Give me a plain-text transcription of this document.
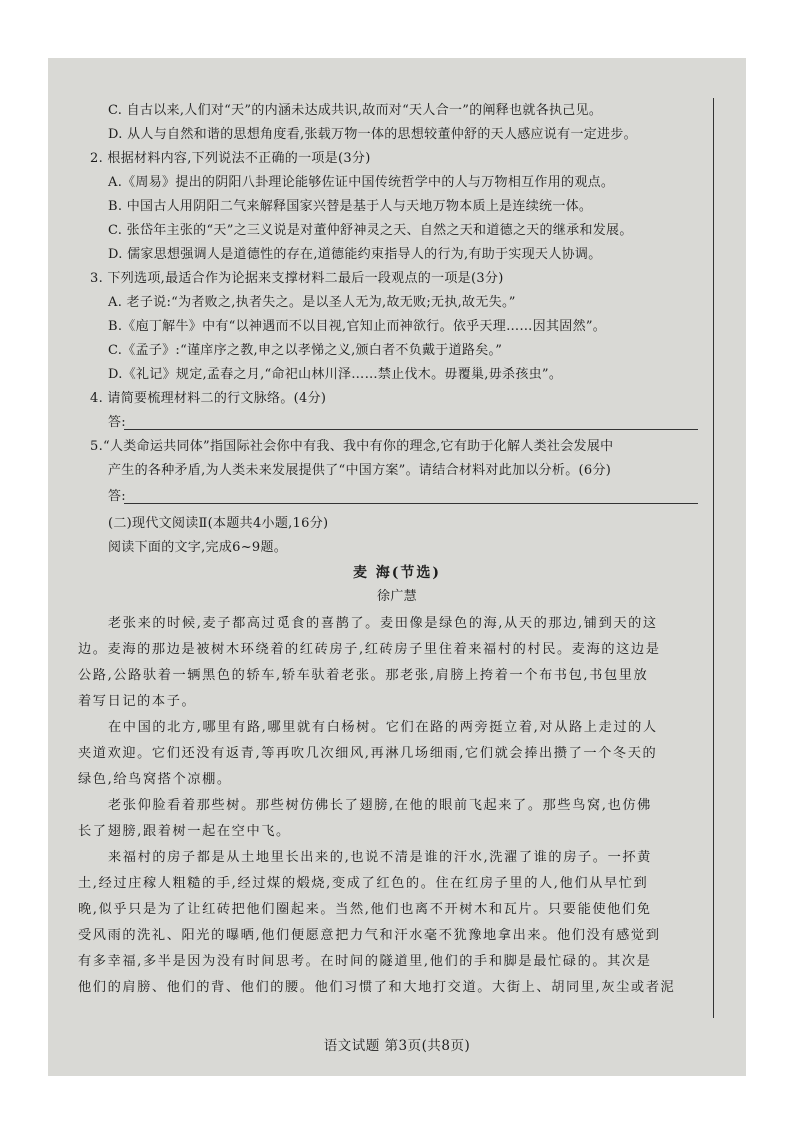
C. 自古以来,人们对“天”的内涵未达成共识,故而对“天人合一”的阐释也就各执己见。
D. 从人与自然和谐的思想角度看,张载万物一体的思想较董仲舒的天人感应说有一定进步。
2. 根据材料内容,下列说法不正确的一项是(3分)
A.《周易》提出的阴阳八卦理论能够佐证中国传统哲学中的人与万物相互作用的观点。
B. 中国古人用阴阳二气来解释国家兴替是基于人与天地万物本质上是连续统一体。
C. 张岱年主张的“天”之三义说是对董仲舒神灵之天、自然之天和道德之天的继承和发展。
D. 儒家思想强调人是道德性的存在,道德能约束指导人的行为,有助于实现天人协调。
3. 下列选项,最适合作为论据来支撑材料二最后一段观点的一项是(3分)
A. 老子说:“为者败之,执者失之。是以圣人无为,故无败;无执,故无失。”
B.《庖丁解牛》中有“以神遇而不以目视,官知止而神欲行。依乎天理……因其固然”。
C.《孟子》:“谨庠序之教,申之以孝悌之义,颁白者不负戴于道路矣。”
D.《礼记》规定,孟春之月,“命祀山林川泽……禁止伐木。毋覆巢,毋杀孩虫”。
4. 请简要梳理材料二的行文脉络。(4分)
答:
5.“人类命运共同体”指国际社会你中有我、我中有你的理念,它有助于化解人类社会发展中
产生的各种矛盾,为人类未来发展提供了“中国方案”。请结合材料对此加以分析。(6分)
答:
(二)现代文阅读Ⅱ(本题共4小题,16分)
阅读下面的文字,完成6~9题。
麦 海(节选)
徐广慧
老张来的时候,麦子都高过觅食的喜鹊了。麦田像是绿色的海,从天的那边,铺到天的这
边。麦海的那边是被树木环绕着的红砖房子,红砖房子里住着来福村的村民。麦海的这边是
公路,公路驮着一辆黑色的轿车,轿车驮着老张。那老张,肩膀上挎着一个布书包,书包里放
着写日记的本子。
在中国的北方,哪里有路,哪里就有白杨树。它们在路的两旁挺立着,对从路上走过的人
夹道欢迎。它们还没有返青,等再吹几次细风,再淋几场细雨,它们就会捧出攒了一个冬天的
绿色,给鸟窝搭个凉棚。
老张仰脸看着那些树。那些树仿佛长了翅膀,在他的眼前飞起来了。那些鸟窝,也仿佛
长了翅膀,跟着树一起在空中飞。
来福村的房子都是从土地里长出来的,也说不清是谁的汗水,洗濯了谁的房子。一抔黄
土,经过庄稼人粗糙的手,经过煤的煅烧,变成了红色的。住在红房子里的人,他们从早忙到
晚,似乎只是为了让红砖把他们圈起来。当然,他们也离不开树木和瓦片。只要能使他们免
受风雨的洗礼、阳光的曝晒,他们便愿意把力气和汗水毫不犹豫地拿出来。他们没有感觉到
有多幸福,多半是因为没有时间思考。在时间的隧道里,他们的手和脚是最忙碌的。其次是
他们的肩膀、他们的背、他们的腰。他们习惯了和大地打交道。大街上、胡同里,灰尘或者泥
语文试题 第3页(共8页)
